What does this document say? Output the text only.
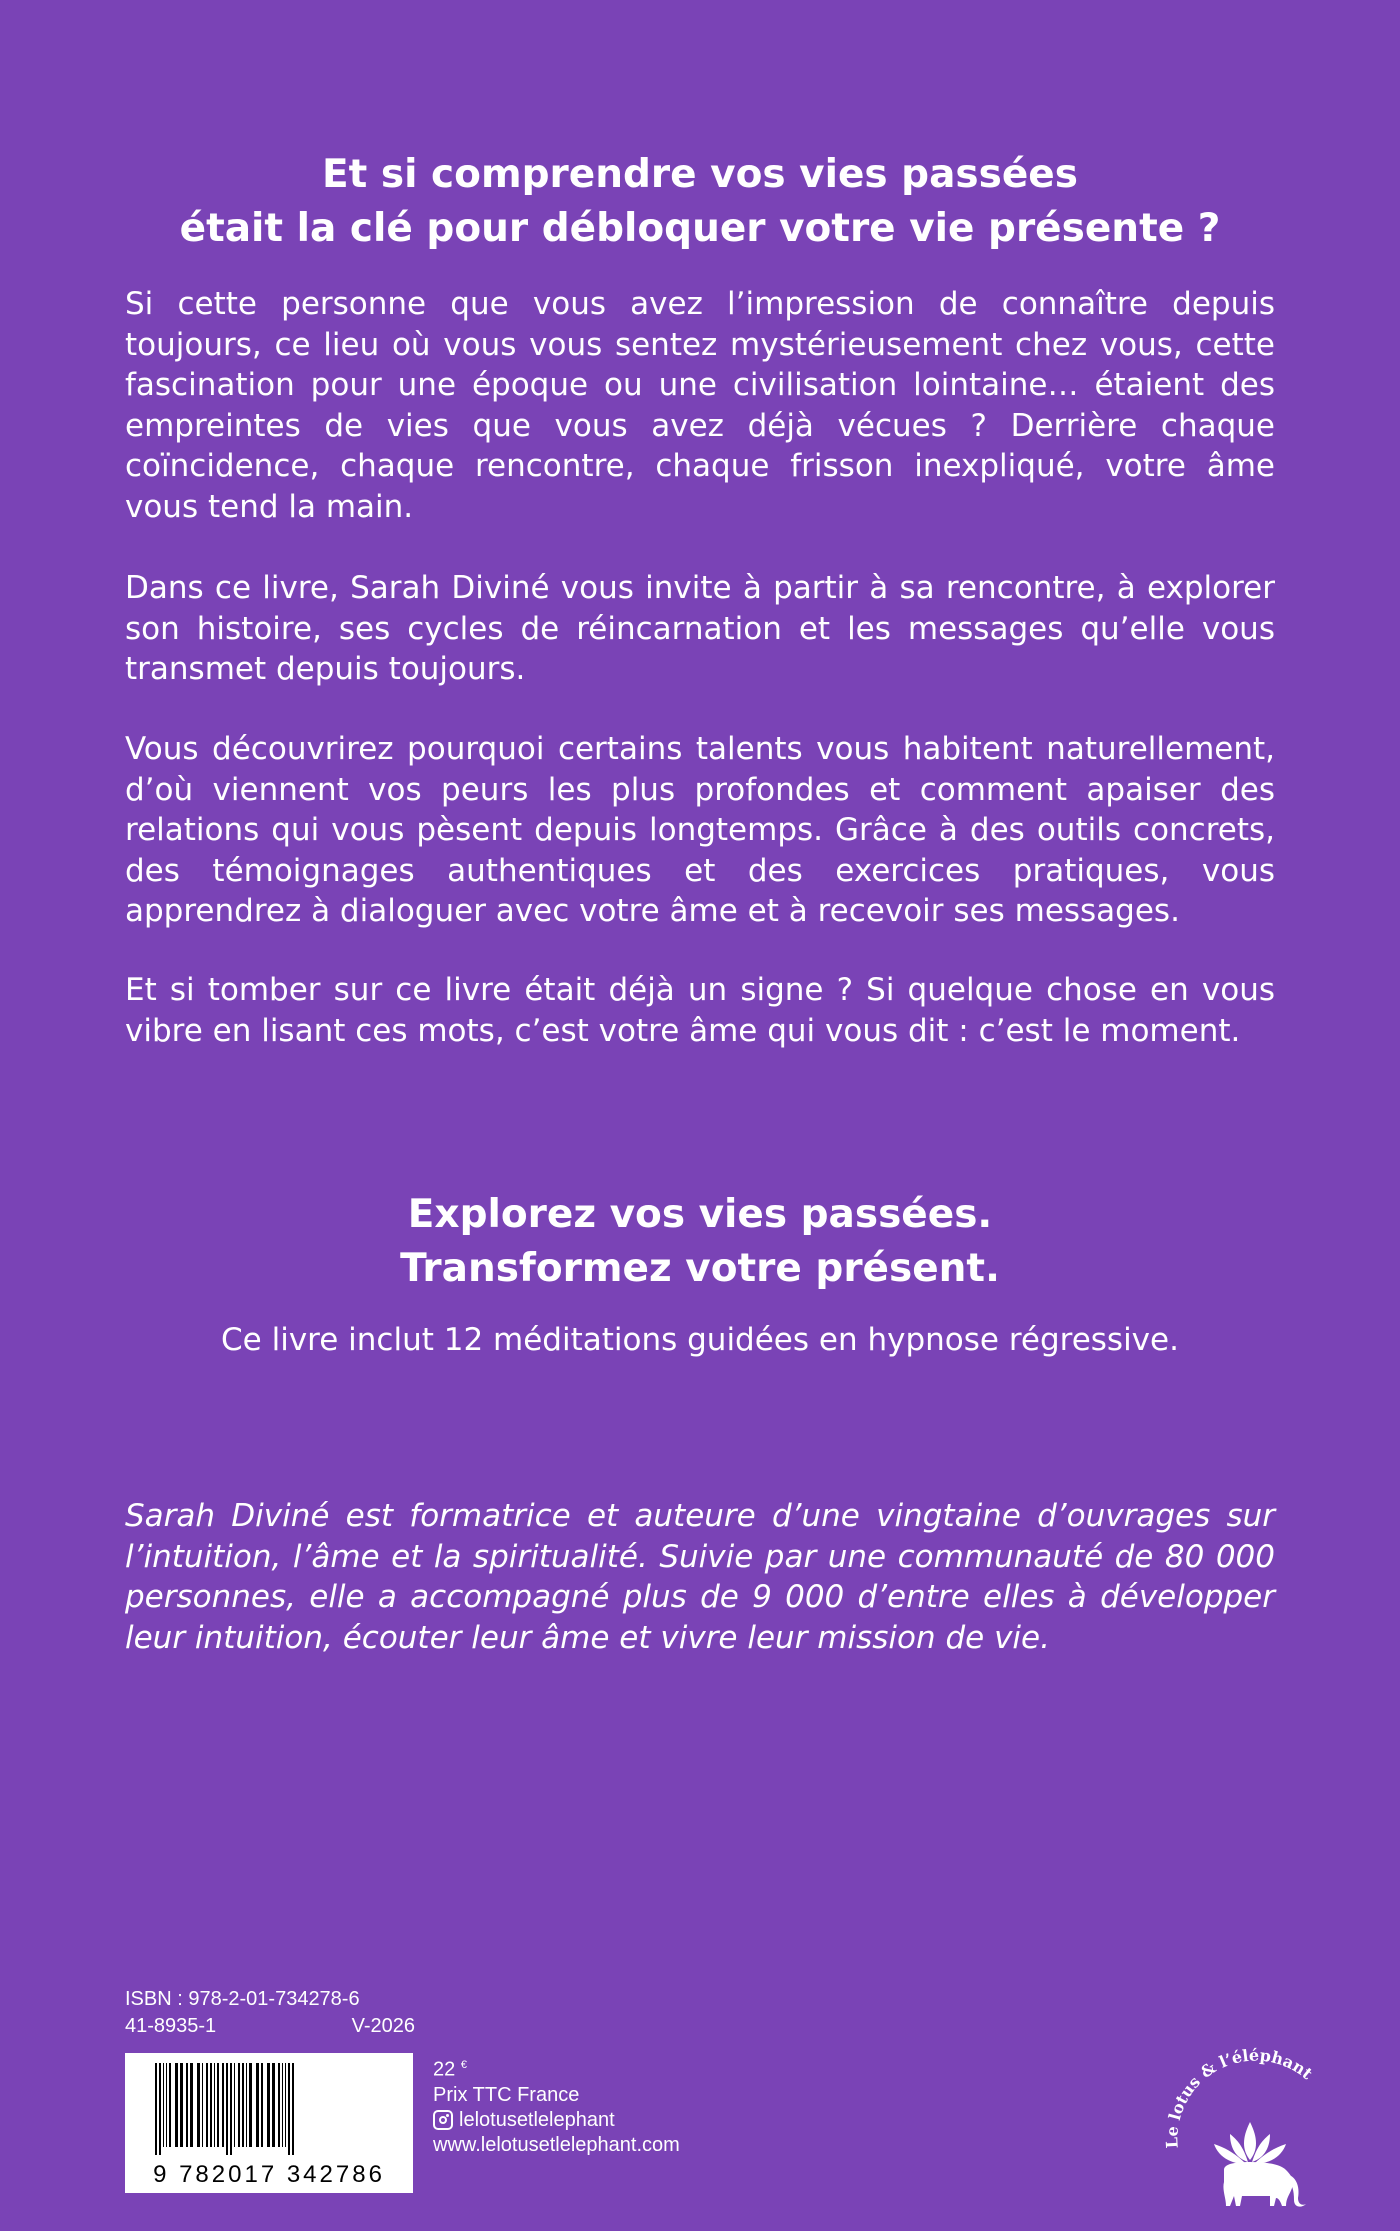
Et si comprendre vos vies passées
était la clé pour débloquer votre vie présente ?
Si cette personne que vous avez l’impression de connaître depuis toujours, ce lieu où vous vous sentez mystérieusement chez vous, cette fascination pour une époque ou une civilisation lointaine… étaient des empreintes de vies que vous avez déjà vécues ? Derrière chaque coïncidence, chaque rencontre, chaque frisson inexpliqué, votre âme vous tend la main.
Dans ce livre, Sarah Diviné vous invite à partir à sa rencontre, à explorer son histoire, ses cycles de réincarnation et les messages qu’elle vous transmet depuis toujours.
Vous découvrirez pourquoi certains talents vous habitent naturellement, d’où viennent vos peurs les plus profondes et comment apaiser des relations qui vous pèsent depuis longtemps. Grâce à des outils concrets, des témoignages authentiques et des exercices pratiques, vous apprendrez à dialoguer avec votre âme et à recevoir ses messages.
Et si tomber sur ce livre était déjà un signe ? Si quelque chose en vous vibre en lisant ces mots, c’est votre âme qui vous dit : c’est le moment.
Explorez vos vies passées.
Transformez votre présent.
Ce livre inclut 12 méditations guidées en hypnose régressive.
Sarah Diviné est formatrice et auteure d’une vingtaine d’ouvrages sur l’intuition, l’âme et la spiritualité. Suivie par une communauté de 80 000 personnes, elle a accompagné plus de 9 000 d’entre elles à développer leur intuition, écouter leur âme et vivre leur mission de vie.
ISBN : 978-2-01-734278-6
41-8935-1	V-2026
9 782017 342786
22 €
Prix TTC France
lelotusetlelephant
www.lelotusetlelephant.com	Le lotus & l’éléphant
